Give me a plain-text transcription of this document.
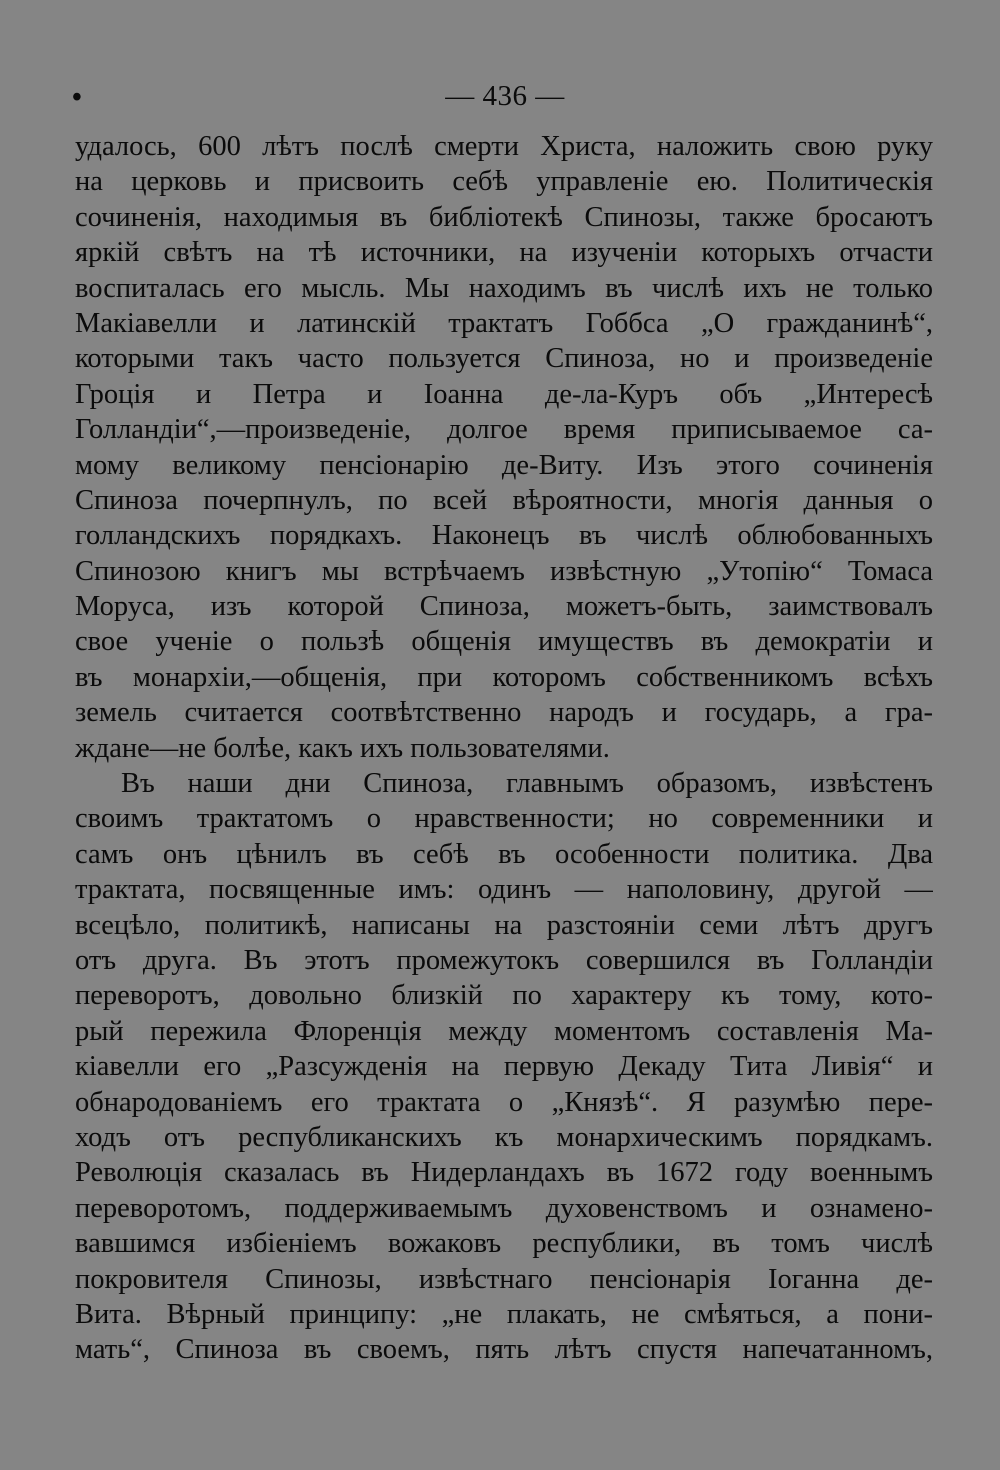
•	— 436 —
удалось, 600 лѣтъ послѣ смерти Христа, наложить свою руку
на церковь и присвоить себѣ управленіе ею. Политическія
сочиненія, находимыя въ библіотекѣ Спинозы, также бросаютъ
яркій свѣтъ на тѣ источники, на изученіи которыхъ отчасти
воспиталась его мысль. Мы находимъ въ числѣ ихъ не только
Макіавелли и латинскій трактатъ Гоббса „О гражданинѣ“,
которыми такъ часто пользуется Спиноза, но и произведеніе
Гроція и Петра и Іоанна де-ла-Куръ объ „Интересѣ
Голландіи“,—произведеніе, долгое время приписываемое са-
мому великому пенсіонарію де-Виту. Изъ этого сочиненія
Спиноза почерпнулъ, по всей вѣроятности, многія данныя о
голландскихъ порядкахъ. Наконецъ въ числѣ облюбованныхъ
Спинозою книгъ мы встрѣчаемъ извѣстную „Утопію“ Томаса
Моруса, изъ которой Спиноза, можетъ-быть, заимствовалъ
свое ученіе о пользѣ общенія имуществъ въ демократіи и
въ монархіи,—общенія, при которомъ собственникомъ всѣхъ
земель считается соотвѣтственно народъ и государь, а гра-
ждане—не болѣе, какъ ихъ пользователями.
Въ наши дни Спиноза, главнымъ образомъ, извѣстенъ
своимъ трактатомъ о нравственности; но современники и
самъ онъ цѣнилъ въ себѣ въ особенности политика. Два
трактата, посвященные имъ: одинъ — наполовину, другой —
всецѣло, политикѣ, написаны на разстояніи семи лѣтъ другъ
отъ друга. Въ этотъ промежутокъ совершился въ Голландіи
переворотъ, довольно близкій по характеру къ тому, кото-
рый пережила Флоренція между моментомъ составленія Ма-
кіавелли его „Разсужденія на первую Декаду Тита Ливія“ и
обнародованіемъ его трактата о „Князѣ“. Я разумѣю пере-
ходъ отъ республиканскихъ къ монархическимъ порядкамъ.
Революція сказалась въ Нидерландахъ въ 1672 году военнымъ
переворотомъ, поддерживаемымъ духовенствомъ и ознамено-
вавшимся избіеніемъ вожаковъ республики, въ томъ числѣ
покровителя Спинозы, извѣстнаго пенсіонарія Іоганна де-
Вита. Вѣрный принципу: „не плакать, не смѣяться, а пони-
мать“, Спиноза въ своемъ, пять лѣтъ спустя напечатанномъ,
